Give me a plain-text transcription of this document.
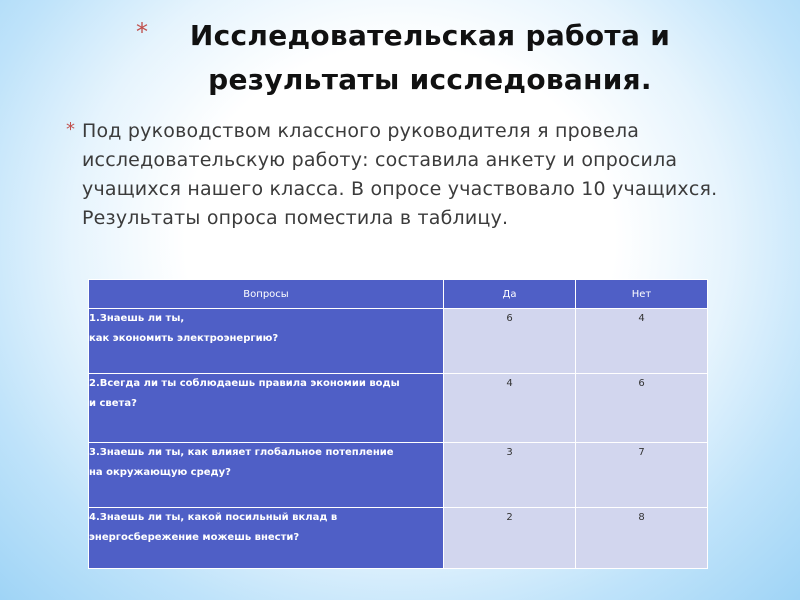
*	Исследовательская работа и
результаты исследования.
* Под руководством классного руководителя я провела исследовательскую работу: составила анкету и опросила учащихся нашего класса. В опросе участвовало 10 учащихся. Результаты опроса поместила в таблицу.

Вопросы	Да	Нет

1.Знаешь ли ты,
как экономить электроэнергию?	6	4

2.Всегда ли ты соблюдаешь правила экономии воды
и света?	4	6

3.Знаешь ли ты, как влияет глобальное потепление
на окружающую среду?	3	7

4.Знаешь ли ты, какой посильный вклад в
энергосбережение можешь внести?	2	8
